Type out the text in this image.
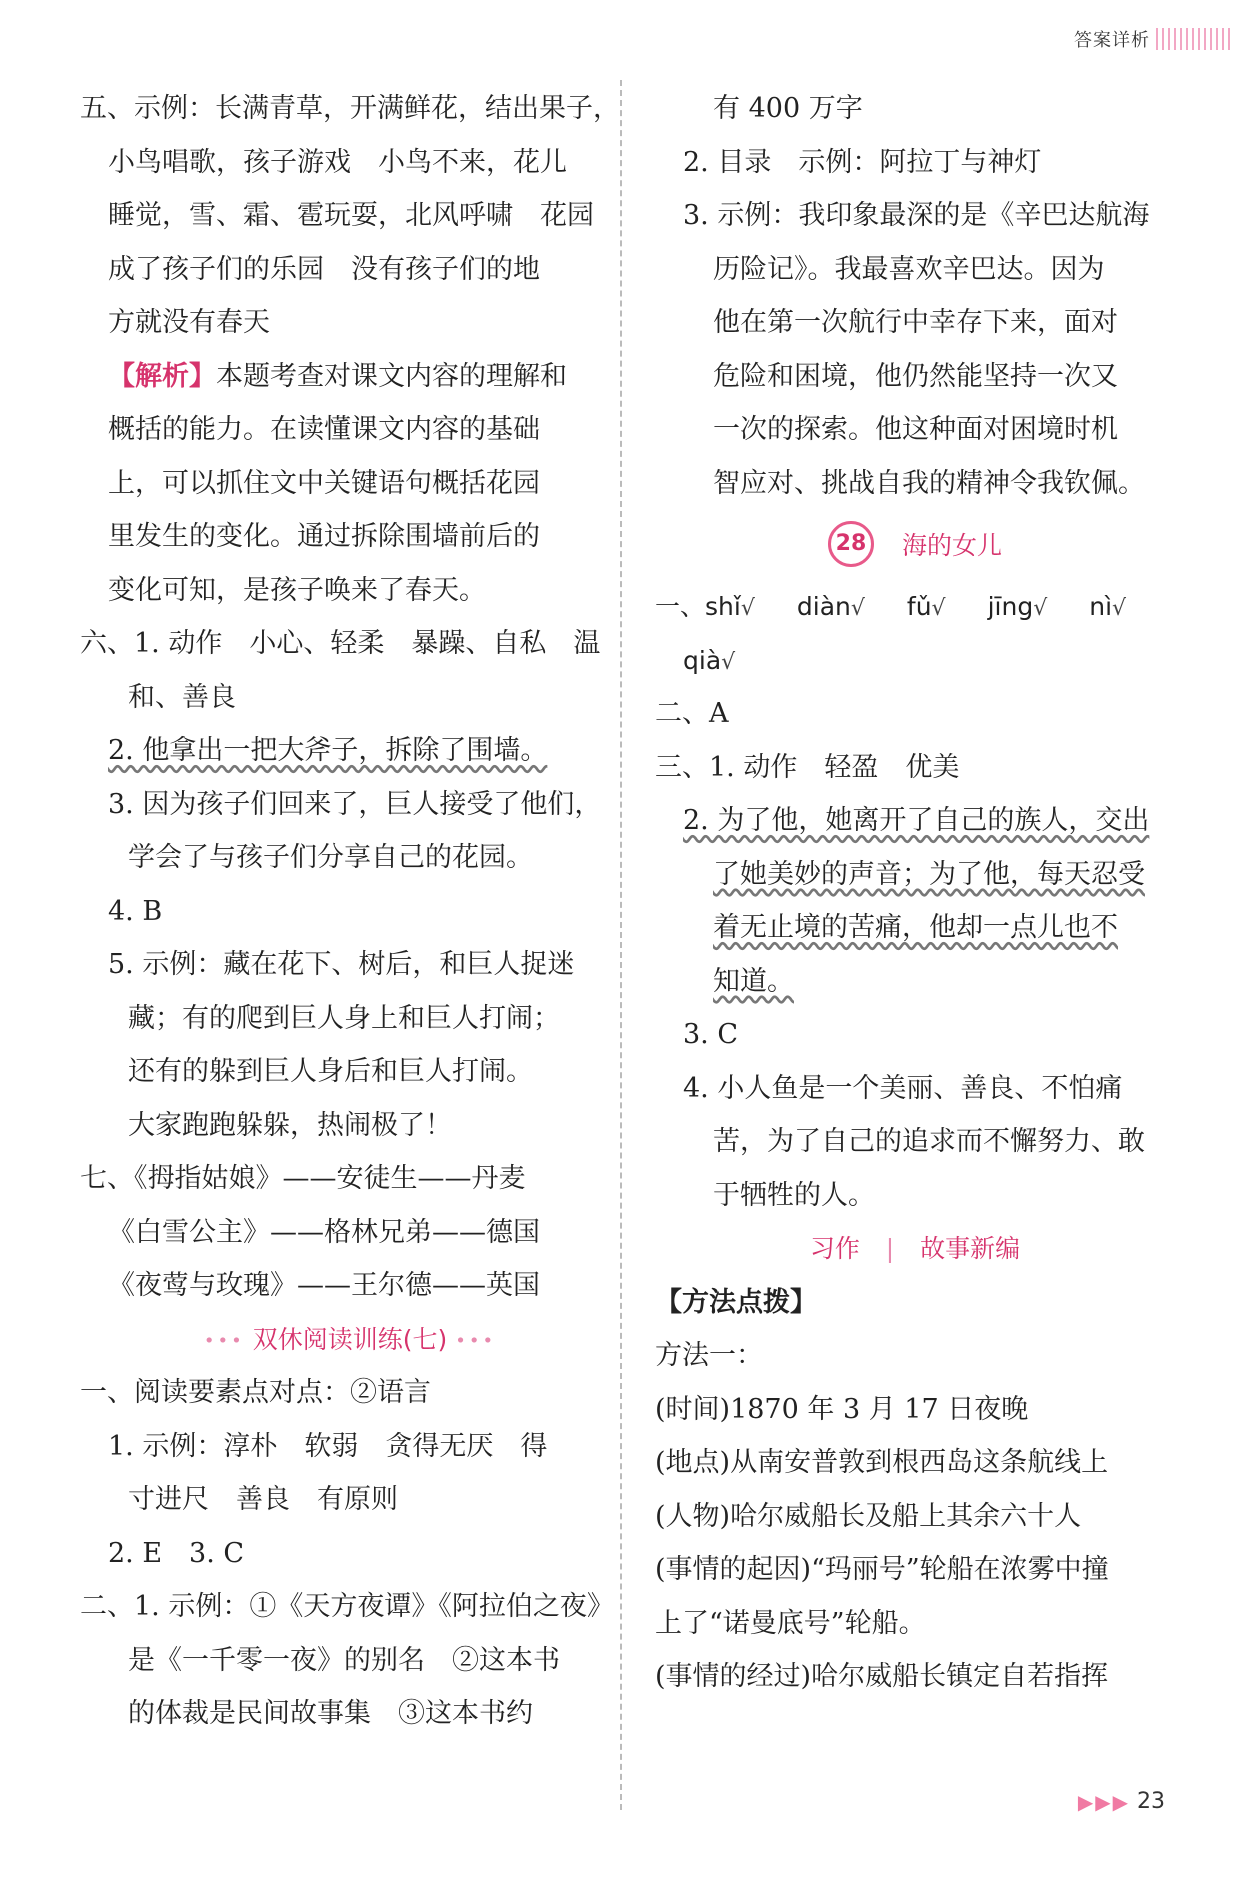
答案详析
五、示例：长满青草，开满鲜花，结出果子，
小鸟唱歌，孩子游戏　小鸟不来，花儿
睡觉，雪、霜、雹玩耍，北风呼啸　花园
成了孩子们的乐园　没有孩子们的地
方就没有春天
【解析】本题考查对课文内容的理解和
概括的能力。在读懂课文内容的基础
上，可以抓住文中关键语句概括花园
里发生的变化。通过拆除围墙前后的
变化可知，是孩子唤来了春天。
六、1. 动作　小心、轻柔　暴躁、自私　温
和、善良
2. 他拿出一把大斧子，拆除了围墙。
3. 因为孩子们回来了，巨人接受了他们，
学会了与孩子们分享自己的花园。
4. B
5. 示例：藏在花下、树后，和巨人捉迷
藏；有的爬到巨人身上和巨人打闹；
还有的躲到巨人身后和巨人打闹。
大家跑跑躲躲，热闹极了！
七、《拇指姑娘》——安徒生——丹麦
《白雪公主》——格林兄弟——德国
《夜莺与玫瑰》——王尔德——英国
••• 双休阅读训练(七) •••
一、阅读要素点对点：②语言
1. 示例：淳朴　软弱　贪得无厌　得
寸进尺　善良　有原则
2. E　3. C
二、1. 示例：①《天方夜谭》《阿拉伯之夜》
是《一千零一夜》的别名　②这本书
的体裁是民间故事集　③这本书约
有 400 万字
2. 目录　示例：阿拉丁与神灯
3. 示例：我印象最深的是《辛巴达航海
历险记》。我最喜欢辛巴达。因为
他在第一次航行中幸存下来，面对
危险和困境，他仍然能坚持一次又
一次的探索。他这种面对困境时机
智应对、挑战自我的精神令我钦佩。
28 海的女儿
一、shǐ√ diàn√ fǔ√ jīng√ nì√
qià√
二、A
三、1. 动作　轻盈　优美
2. 为了他，她离开了自己的族人，交出
了她美妙的声音；为了他，每天忍受
着无止境的苦痛，他却一点儿也不
知道。
3. C
4. 小人鱼是一个美丽、善良、不怕痛
苦，为了自己的追求而不懈努力、敢
于牺牲的人。
习作 | 故事新编
【方法点拨】
方法一：
(时间)1870 年 3 月 17 日夜晚
(地点)从南安普敦到根西岛这条航线上
(人物)哈尔威船长及船上其余六十人
(事情的起因)“玛丽号”轮船在浓雾中撞
上了“诺曼底号”轮船。
(事情的经过)哈尔威船长镇定自若指挥
▶▶▶ 23
